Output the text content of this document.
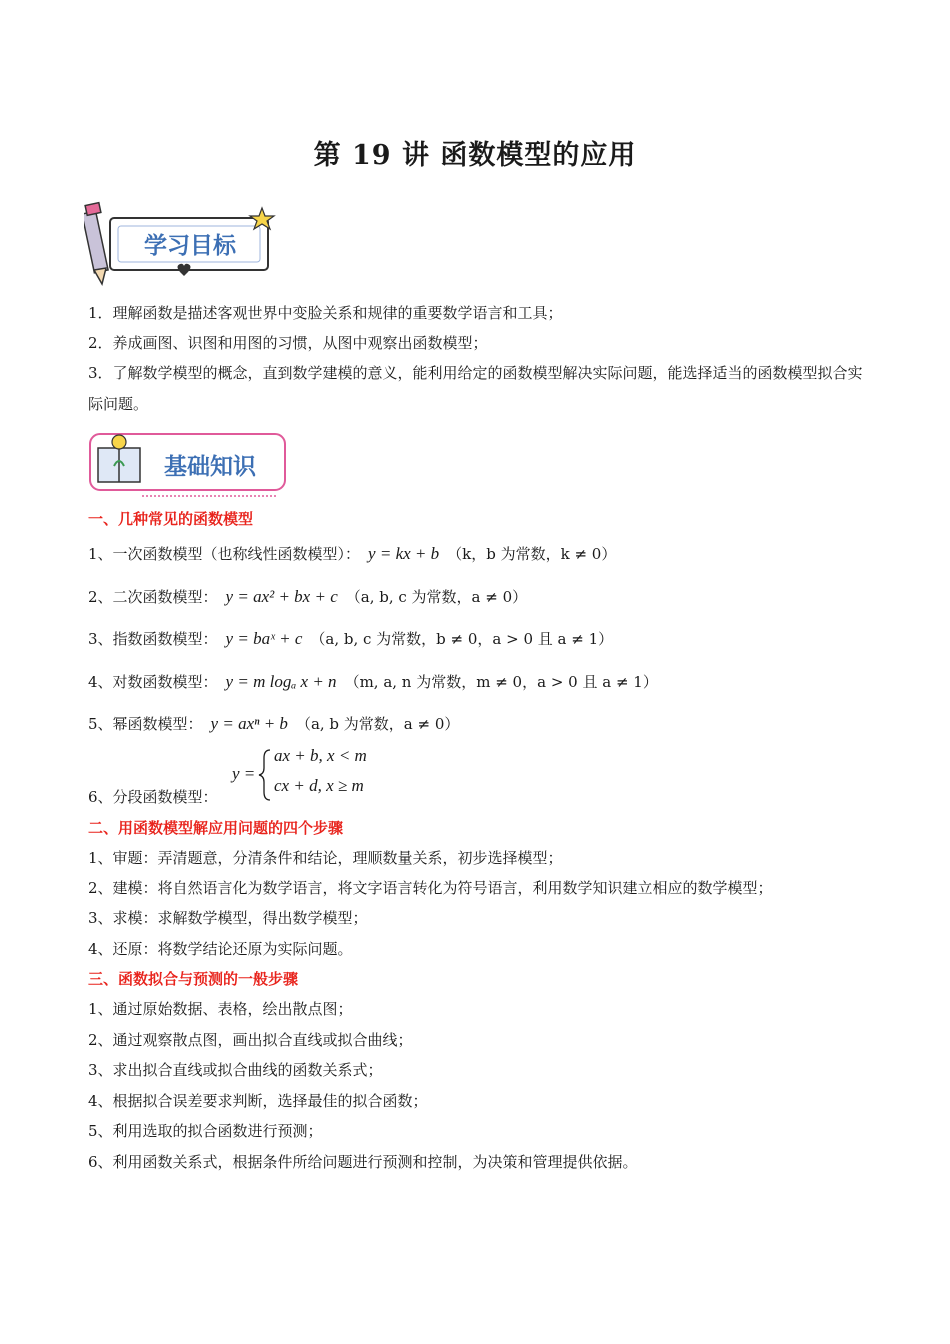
第 19 讲 函数模型的应用
学习目标
1．理解函数是描述客观世界中变脸关系和规律的重要数学语言和工具；
2．养成画图、识图和用图的习惯，从图中观察出函数模型；
3．了解数学模型的概念，直到数学建模的意义，能利用给定的函数模型解决实际问题，能选择适当的函数模型拟合实际问题。
基础知识
一、几种常见的函数模型
1、一次函数模型（也称线性函数模型）： y = kx + b （k，b 为常数，k ≠ 0）
2、二次函数模型： y = ax² + bx + c （a, b, c 为常数，a ≠ 0）
3、指数函数模型： y = baˣ + c （a, b, c 为常数，b ≠ 0，a > 0 且 a ≠ 1）
4、对数函数模型： y = m logₐ x + n （m, a, n 为常数，m ≠ 0，a > 0 且 a ≠ 1）
5、幂函数模型： y = axⁿ + b （a, b 为常数，a ≠ 0）
6、分段函数模型：
y =
ax + b, x < m
cx + d, x ≥ m
二、用函数模型解应用问题的四个步骤
1、审题：弄清题意，分清条件和结论，理顺数量关系，初步选择模型；
2、建模：将自然语言化为数学语言，将文字语言转化为符号语言，利用数学知识建立相应的数学模型；
3、求模：求解数学模型，得出数学模型；
4、还原：将数学结论还原为实际问题。
三、函数拟合与预测的一般步骤
1、通过原始数据、表格，绘出散点图；
2、通过观察散点图，画出拟合直线或拟合曲线；
3、求出拟合直线或拟合曲线的函数关系式；
4、根据拟合误差要求判断，选择最佳的拟合函数；
5、利用选取的拟合函数进行预测；
6、利用函数关系式，根据条件所给问题进行预测和控制，为决策和管理提供依据。
